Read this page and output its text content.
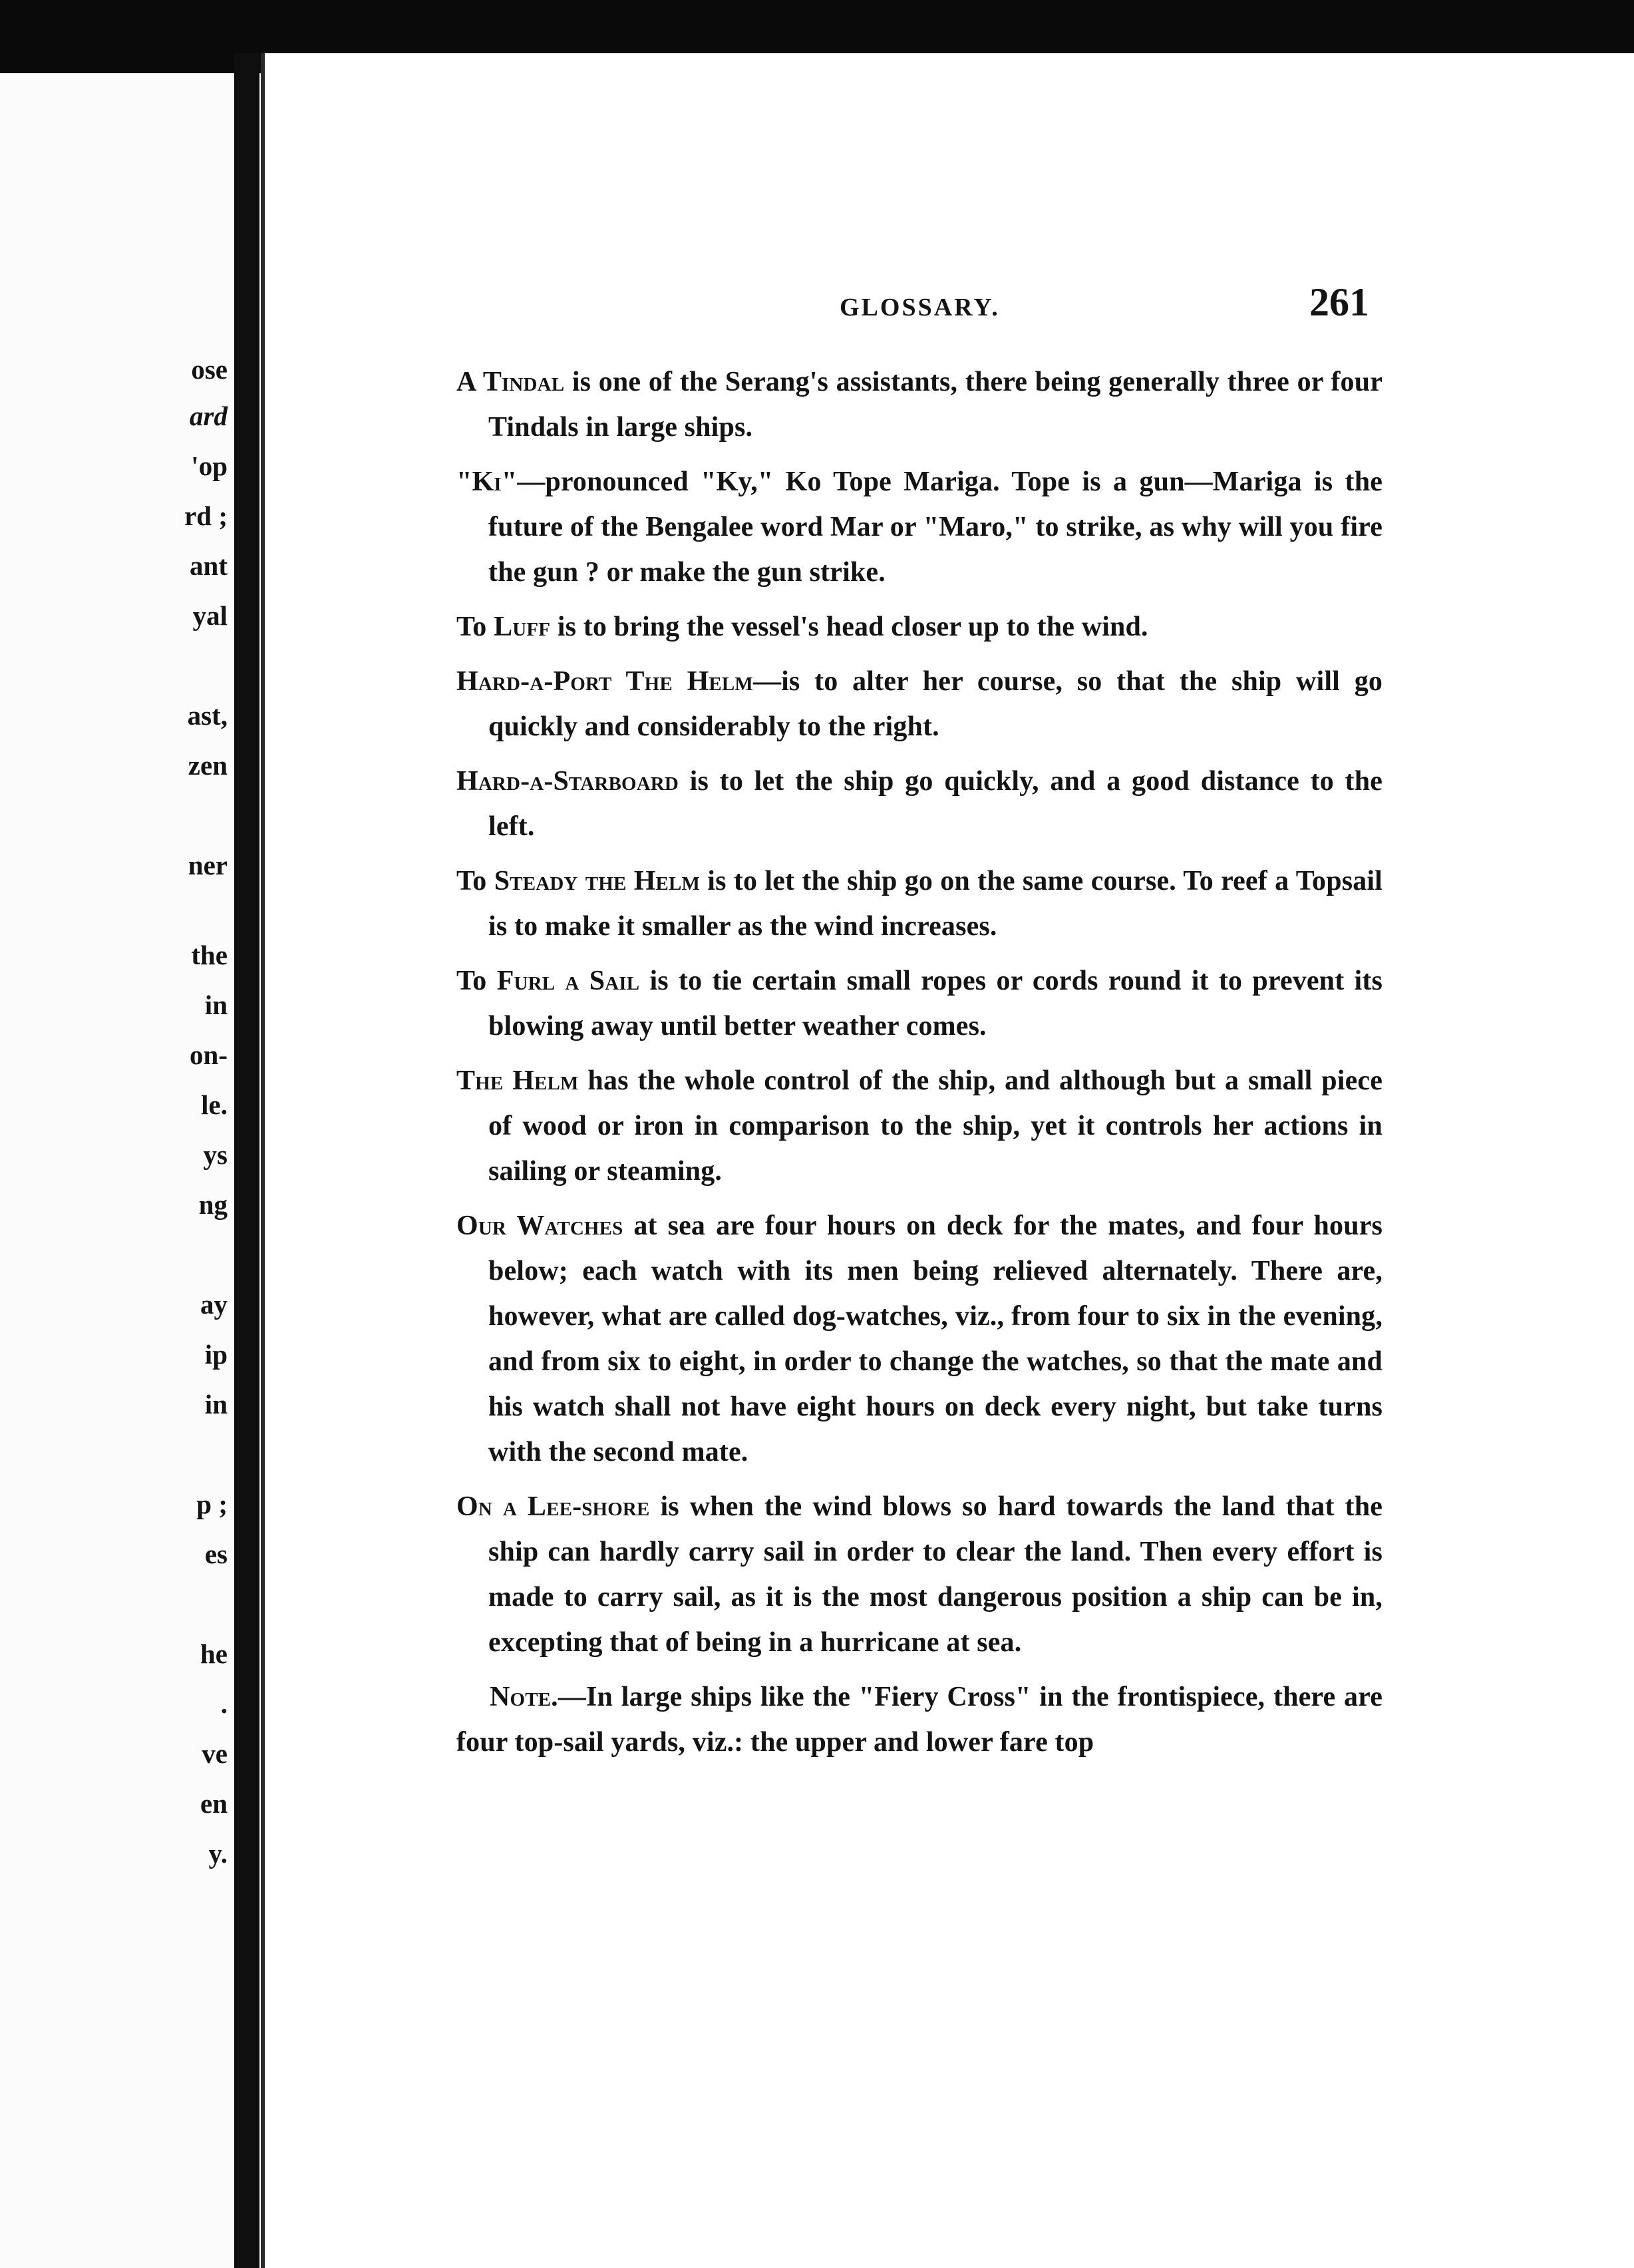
ose
ard
'op
rd ;
ant
yal
ast,
zen
ner
the
in
on-
le.
ys
ng
ay
ip
in
p ;
es
he
.
ve
en
y.
GLOSSARY.	261

A Tindal is one of the Serang's assistants, there being generally three or four Tindals in large ships.

"Ki"—pronounced "Ky," Ko Tope Mariga. Tope is a gun—Mariga is the future of the Bengalee word Mar or "Maro," to strike, as why will you fire the gun ? or make the gun strike.

To Luff is to bring the vessel's head closer up to the wind.

Hard-a-Port The Helm—is to alter her course, so that the ship will go quickly and considerably to the right.

Hard-a-Starboard is to let the ship go quickly, and a good distance to the left.

To Steady the Helm is to let the ship go on the same course. To reef a Topsail is to make it smaller as the wind increases.

To Furl a Sail is to tie certain small ropes or cords round it to prevent its blowing away until better weather comes.

The Helm has the whole control of the ship, and although but a small piece of wood or iron in comparison to the ship, yet it controls her actions in sailing or steaming.

Our Watches at sea are four hours on deck for the mates, and four hours below; each watch with its men being relieved alternately. There are, however, what are called dog-watches, viz., from four to six in the evening, and from six to eight, in order to change the watches, so that the mate and his watch shall not have eight hours on deck every night, but take turns with the second mate.

On a Lee-shore is when the wind blows so hard towards the land that the ship can hardly carry sail in order to clear the land. Then every effort is made to carry sail, as it is the most dangerous position a ship can be in, excepting that of being in a hurricane at sea.

Note.—In large ships like the "Fiery Cross" in the frontispiece, there are four top-sail yards, viz.: the upper and lower fare top
